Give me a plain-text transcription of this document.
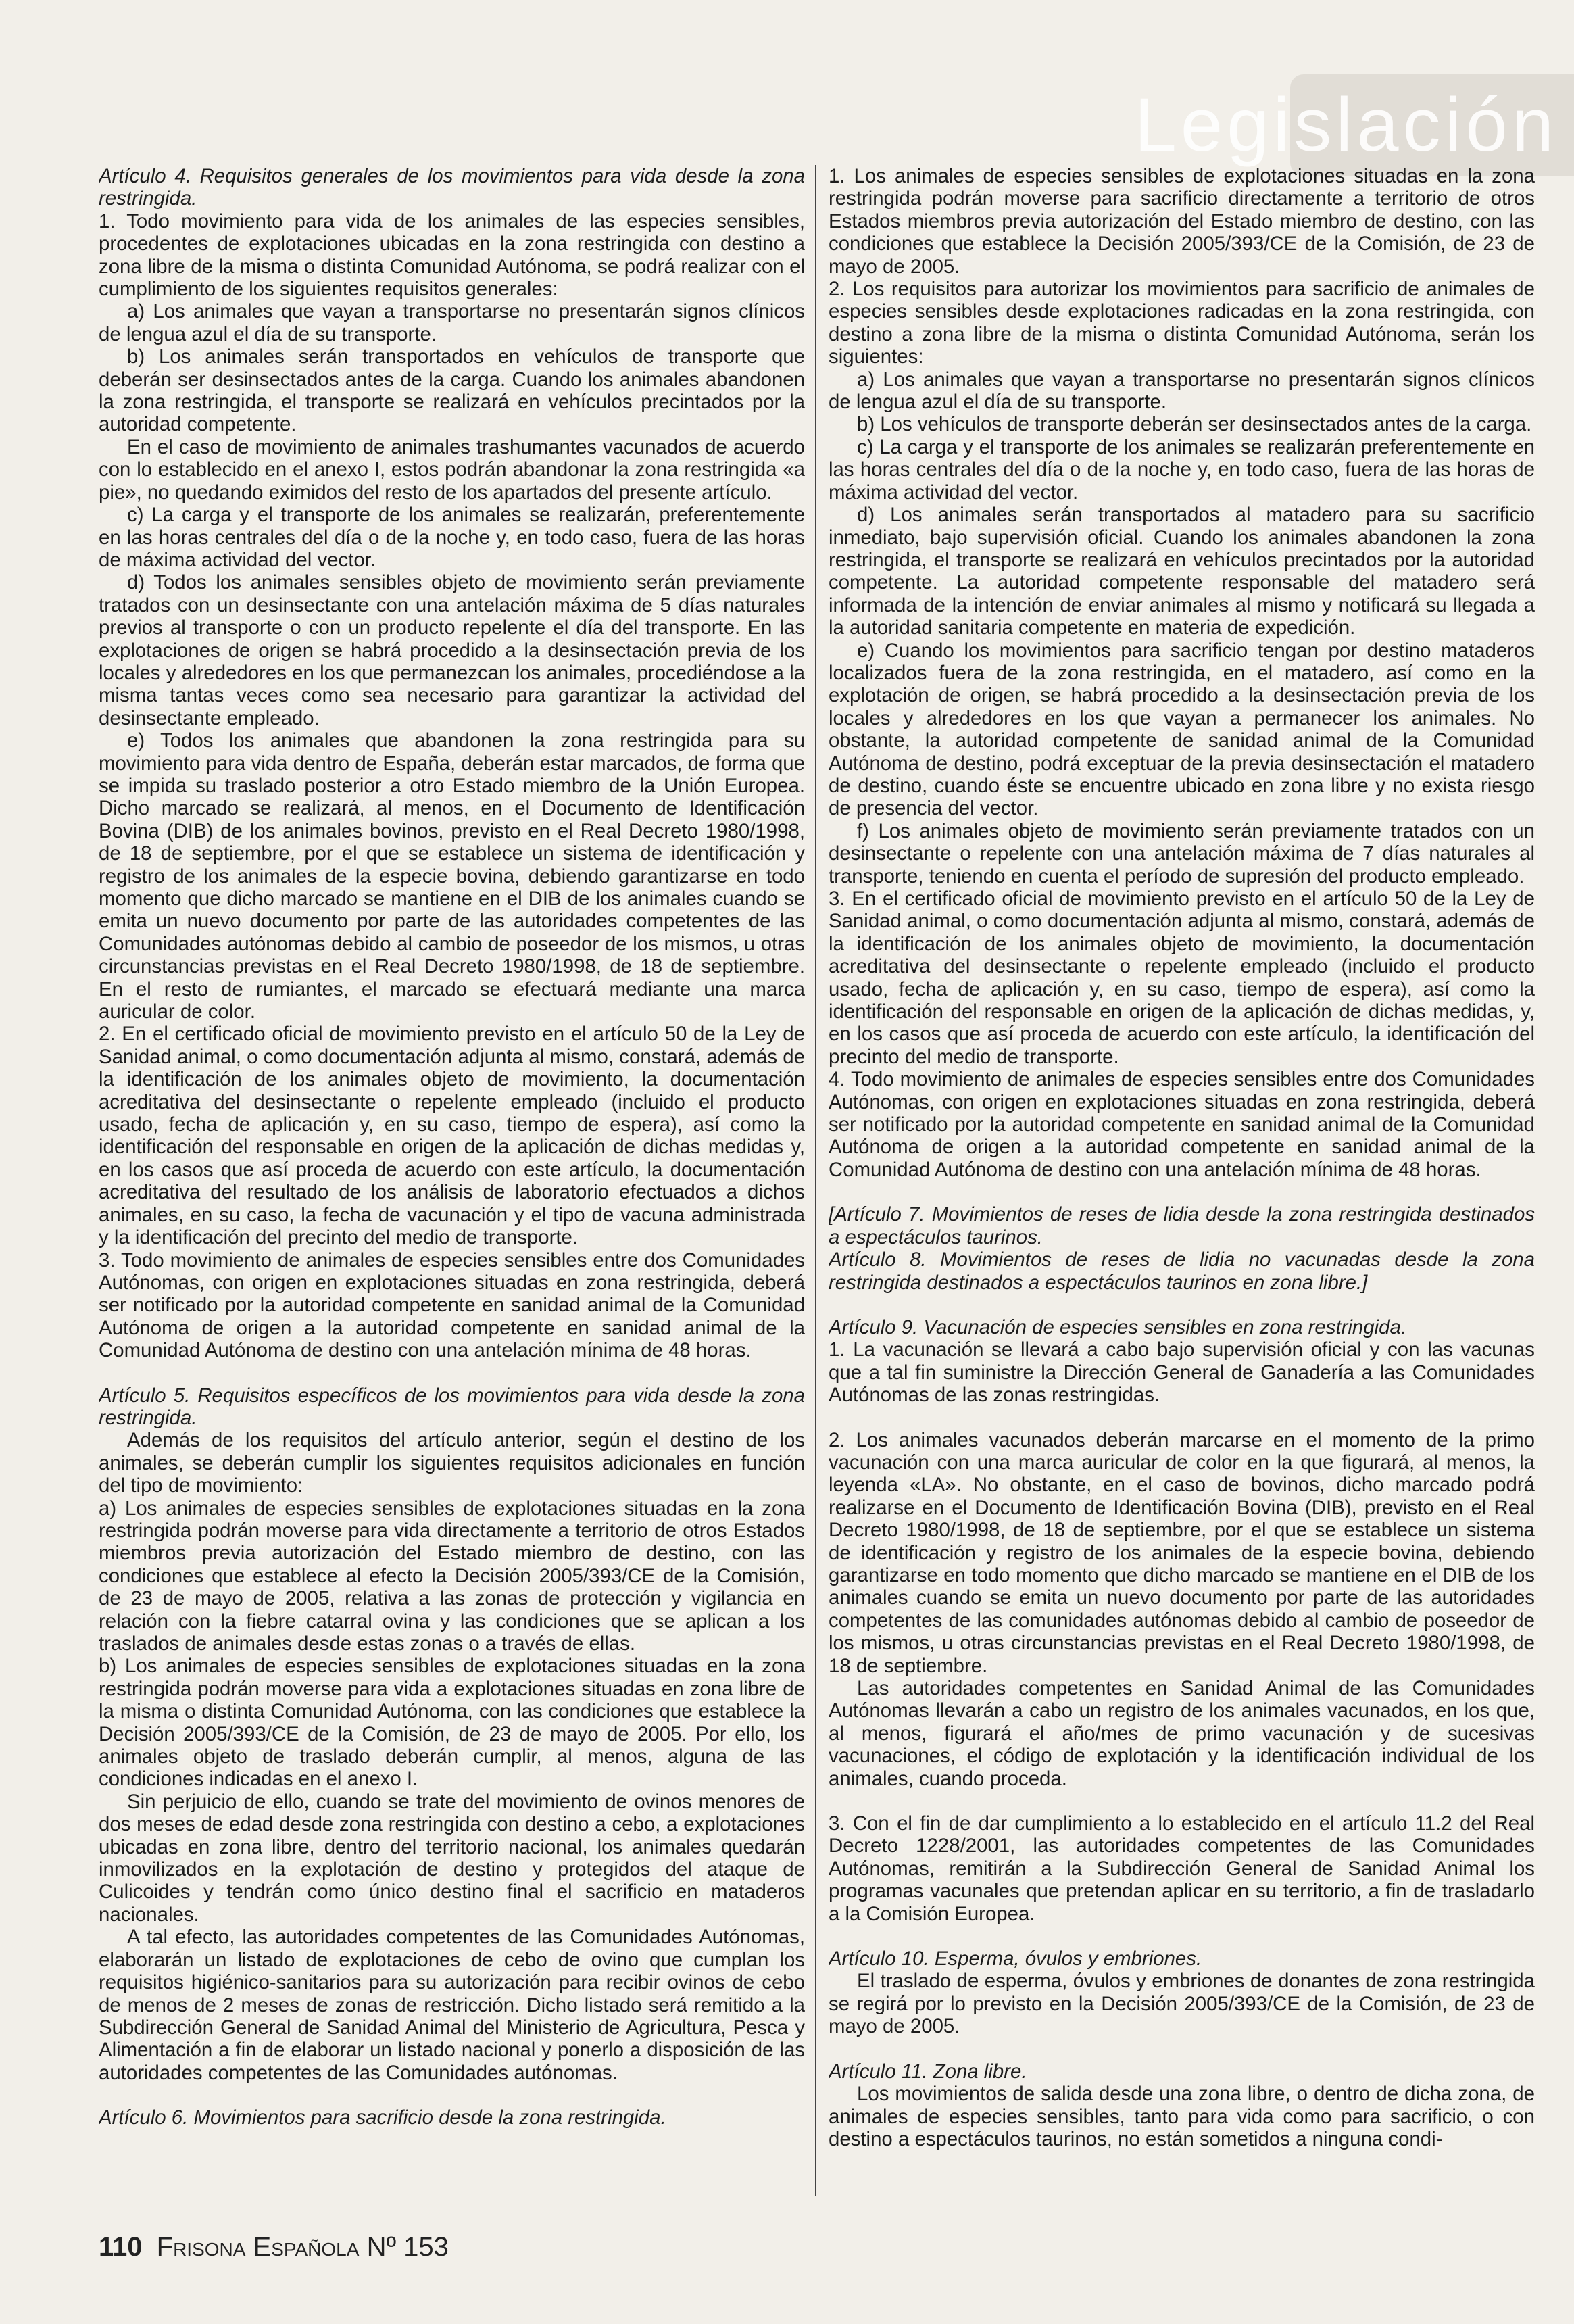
Legislación

Artículo 4. Requisitos generales de los movimientos para vida desde la zona restringida.

1. Todo movimiento para vida de los animales de las especies sensibles, procedentes de explotaciones ubicadas en la zona restringida con destino a zona libre de la misma o distinta Comunidad Autónoma, se podrá realizar con el cumplimiento de los siguientes requisitos generales:

a) Los animales que vayan a transportarse no presentarán signos clínicos de lengua azul el día de su transporte.

b) Los animales serán transportados en vehículos de transporte que deberán ser desinsectados antes de la carga. Cuando los animales abandonen la zona restringida, el transporte se realizará en vehículos precintados por la autoridad competente.

En el caso de movimiento de animales trashumantes vacunados de acuerdo con lo establecido en el anexo I, estos podrán abandonar la zona restringida «a pie», no quedando eximidos del resto de los apartados del presente artículo.

c) La carga y el transporte de los animales se realizarán, preferentemente en las horas centrales del día o de la noche y, en todo caso, fuera de las horas de máxima actividad del vector.

d) Todos los animales sensibles objeto de movimiento serán previamente tratados con un desinsectante con una antelación máxima de 5 días naturales previos al transporte o con un producto repelente el día del transporte. En las explotaciones de origen se habrá procedido a la desinsectación previa de los locales y alrededores en los que permanezcan los animales, procediéndose a la misma tantas veces como sea necesario para garantizar la actividad del desinsectante empleado.

e) Todos los animales que abandonen la zona restringida para su movimiento para vida dentro de España, deberán estar marcados, de forma que se impida su traslado posterior a otro Estado miembro de la Unión Europea. Dicho marcado se realizará, al menos, en el Documento de Identificación Bovina (DIB) de los animales bovinos, previsto en el Real Decreto 1980/1998, de 18 de septiembre, por el que se establece un sistema de identificación y registro de los animales de la especie bovina, debiendo garantizarse en todo momento que dicho marcado se mantiene en el DIB de los animales cuando se emita un nuevo documento por parte de las autoridades competentes de las Comunidades autónomas debido al cambio de poseedor de los mismos, u otras circunstancias previstas en el Real Decreto 1980/1998, de 18 de septiembre. En el resto de rumiantes, el marcado se efectuará mediante una marca auricular de color.

2. En el certificado oficial de movimiento previsto en el artículo 50 de la Ley de Sanidad animal, o como documentación adjunta al mismo, constará, además de la identificación de los animales objeto de movimiento, la documentación acreditativa del desinsectante o repelente empleado (incluido el producto usado, fecha de aplicación y, en su caso, tiempo de espera), así como la identificación del responsable en origen de la aplicación de dichas medidas y, en los casos que así proceda de acuerdo con este artículo, la documentación acreditativa del resultado de los análisis de laboratorio efectuados a dichos animales, en su caso, la fecha de vacunación y el tipo de vacuna administrada y la identificación del precinto del medio de transporte.

3. Todo movimiento de animales de especies sensibles entre dos Comunidades Autónomas, con origen en explotaciones situadas en zona restringida, deberá ser notificado por la autoridad competente en sanidad animal de la Comunidad Autónoma de origen a la autoridad competente en sanidad animal de la Comunidad Autónoma de destino con una antelación mínima de 48 horas.

Artículo 5. Requisitos específicos de los movimientos para vida desde la zona restringida.

Además de los requisitos del artículo anterior, según el destino de los animales, se deberán cumplir los siguientes requisitos adicionales en función del tipo de movimiento:

a) Los animales de especies sensibles de explotaciones situadas en la zona restringida podrán moverse para vida directamente a territorio de otros Estados miembros previa autorización del Estado miembro de destino, con las condiciones que establece al efecto la Decisión 2005/393/CE de la Comisión, de 23 de mayo de 2005, relativa a las zonas de protección y vigilancia en relación con la fiebre catarral ovina y las condiciones que se aplican a los traslados de animales desde estas zonas o a través de ellas.

b) Los animales de especies sensibles de explotaciones situadas en la zona restringida podrán moverse para vida a explotaciones situadas en zona libre de la misma o distinta Comunidad Autónoma, con las condiciones que establece la Decisión 2005/393/CE de la Comisión, de 23 de mayo de 2005. Por ello, los animales objeto de traslado deberán cumplir, al menos, alguna de las condiciones indicadas en el anexo I.

Sin perjuicio de ello, cuando se trate del movimiento de ovinos menores de dos meses de edad desde zona restringida con destino a cebo, a explotaciones ubicadas en zona libre, dentro del territorio nacional, los animales quedarán inmovilizados en la explotación de destino y protegidos del ataque de Culicoides y tendrán como único destino final el sacrificio en mataderos nacionales.

A tal efecto, las autoridades competentes de las Comunidades Autónomas, elaborarán un listado de explotaciones de cebo de ovino que cumplan los requisitos higiénico-sanitarios para su autorización para recibir ovinos de cebo de menos de 2 meses de zonas de restricción. Dicho listado será remitido a la Subdirección General de Sanidad Animal del Ministerio de Agricultura, Pesca y Alimentación a fin de elaborar un listado nacional y ponerlo a disposición de las autoridades competentes de las Comunidades autónomas.

Artículo 6. Movimientos para sacrificio desde la zona restringida.

1. Los animales de especies sensibles de explotaciones situadas en la zona restringida podrán moverse para sacrificio directamente a territorio de otros Estados miembros previa autorización del Estado miembro de destino, con las condiciones que establece la Decisión 2005/393/CE de la Comisión, de 23 de mayo de 2005.

2. Los requisitos para autorizar los movimientos para sacrificio de animales de especies sensibles desde explotaciones radicadas en la zona restringida, con destino a zona libre de la misma o distinta Comunidad Autónoma, serán los siguientes:

a) Los animales que vayan a transportarse no presentarán signos clínicos de lengua azul el día de su transporte.

b) Los vehículos de transporte deberán ser desinsectados antes de la carga.

c) La carga y el transporte de los animales se realizarán preferentemente en las horas centrales del día o de la noche y, en todo caso, fuera de las horas de máxima actividad del vector.

d) Los animales serán transportados al matadero para su sacrificio inmediato, bajo supervisión oficial. Cuando los animales abandonen la zona restringida, el transporte se realizará en vehículos precintados por la autoridad competente. La autoridad competente responsable del matadero será informada de la intención de enviar animales al mismo y notificará su llegada a la autoridad sanitaria competente en materia de expedición.

e) Cuando los movimientos para sacrificio tengan por destino mataderos localizados fuera de la zona restringida, en el matadero, así como en la explotación de origen, se habrá procedido a la desinsectación previa de los locales y alrededores en los que vayan a permanecer los animales. No obstante, la autoridad competente de sanidad animal de la Comunidad Autónoma de destino, podrá exceptuar de la previa desinsectación el matadero de destino, cuando éste se encuentre ubicado en zona libre y no exista riesgo de presencia del vector.

f) Los animales objeto de movimiento serán previamente tratados con un desinsectante o repelente con una antelación máxima de 7 días naturales al transporte, teniendo en cuenta el período de supresión del producto empleado.

3. En el certificado oficial de movimiento previsto en el artículo 50 de la Ley de Sanidad animal, o como documentación adjunta al mismo, constará, además de la identificación de los animales objeto de movimiento, la documentación acreditativa del desinsectante o repelente empleado (incluido el producto usado, fecha de aplicación y, en su caso, tiempo de espera), así como la identificación del responsable en origen de la aplicación de dichas medidas, y, en los casos que así proceda de acuerdo con este artículo, la identificación del precinto del medio de transporte.

4. Todo movimiento de animales de especies sensibles entre dos Comunidades Autónomas, con origen en explotaciones situadas en zona restringida, deberá ser notificado por la autoridad competente en sanidad animal de la Comunidad Autónoma de origen a la autoridad competente en sanidad animal de la Comunidad Autónoma de destino con una antelación mínima de 48 horas.

[Artículo 7. Movimientos de reses de lidia desde la zona restringida destinados a espectáculos taurinos.

Artículo 8. Movimientos de reses de lidia no vacunadas desde la zona restringida destinados a espectáculos taurinos en zona libre.]

Artículo 9. Vacunación de especies sensibles en zona restringida.

1. La vacunación se llevará a cabo bajo supervisión oficial y con las vacunas que a tal fin suministre la Dirección General de Ganadería a las Comunidades Autónomas de las zonas restringidas.

2. Los animales vacunados deberán marcarse en el momento de la primo vacunación con una marca auricular de color en la que figurará, al menos, la leyenda «LA». No obstante, en el caso de bovinos, dicho marcado podrá realizarse en el Documento de Identificación Bovina (DIB), previsto en el Real Decreto 1980/1998, de 18 de septiembre, por el que se establece un sistema de identificación y registro de los animales de la especie bovina, debiendo garantizarse en todo momento que dicho marcado se mantiene en el DIB de los animales cuando se emita un nuevo documento por parte de las autoridades competentes de las comunidades autónomas debido al cambio de poseedor de los mismos, u otras circunstancias previstas en el Real Decreto 1980/1998, de 18 de septiembre.

Las autoridades competentes en Sanidad Animal de las Comunidades Autónomas llevarán a cabo un registro de los animales vacunados, en los que, al menos, figurará el año/mes de primo vacunación y de sucesivas vacunaciones, el código de explotación y la identificación individual de los animales, cuando proceda.

3. Con el fin de dar cumplimiento a lo establecido en el artículo 11.2 del Real Decreto 1228/2001, las autoridades competentes de las Comunidades Autónomas, remitirán a la Subdirección General de Sanidad Animal los programas vacunales que pretendan aplicar en su territorio, a fin de trasladarlo a la Comisión Europea.

Artículo 10. Esperma, óvulos y embriones.

El traslado de esperma, óvulos y embriones de donantes de zona restringida se regirá por lo previsto en la Decisión 2005/393/CE de la Comisión, de 23 de mayo de 2005.

Artículo 11. Zona libre.

Los movimientos de salida desde una zona libre, o dentro de dicha zona, de animales de especies sensibles, tanto para vida como para sacrificio, o con destino a espectáculos taurinos, no están sometidos a ninguna condi-

110 Frisona Española Nº 153
